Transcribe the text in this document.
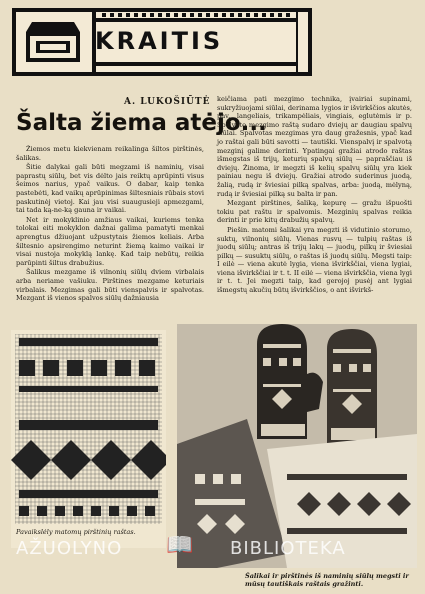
KRAITIS
A. LUKOŠIŪTĖ
Šalta žiema atėjo...

Žiemos metu kiekvienam reikalinga šiltos pirštinės, šalikas.

Šitie dalykai gali būti megzami iš naminių, visai paprastų siūlų, bet vis dėlto jais reiktų aprūpinti visus šeimos narius, ypač vaikus. O dabar, kaip tenka pastebėti, kad vaikų aprūpinimas šiltesniais rūbais stovi paskutinėj vietoj. Kai jau visi suaugusieji apmezgami, tai tada ką-ne-ką gauna ir vaikai.

Net ir mokyklinio amžiaus vaikai, kuriems tenka tolokai eiti mokyklon dažnai galima pamatyti menkai aprengtus džiuojant užpustytais žiemos keliais. Arba šiltesnio apsirengimo neturint žiemą kaimo vaikai ir visai nustoja mokyklą lankę. Kad taip nebūtų, reikia parūpinti šiltus drabužius.

Šalikus mezgame iš vilnonių siūlų dviem virbalais arba neriame vašiuku. Pirštines mezgame keturiais virbalais. Mezgimas gali būti vienspalvis ir spalvotas. Mezgant iš vienos spalvos siūlų dažniausia

keičiama pati mezgimo technika, įvairiai supinami, sukryžiuojami siūlai, derinama lygios ir išvirkščios akutės, pav., langeliais, trikampėliais, vingiais, eglutėmis ir p. Spalvoto mezgimo raštą sudaro dviejų ar daugiau spalvų siūlai. Spalvotas mezgimas yra daug gražesnis, ypač kad jo raštai gali būti savotti — tautiški. Vienspalvį ir spalvotą mezginį galime derinti. Ypatingai gražiai atrodo raštas išmegstas iš trijų, keturių spalvų siūlų — papraščiau iš dviejų. Žinoma, ir megzti iš kelių spalvų siūlų yra kiek painiau negu iš dviejų. Gražiai atrodo suderinus juodą, žalią, rudą ir šviesiai pilką spalvas, arba: juodą, mėlyną, rudą ir šviesiai pilką su balta ir pan.

Mezgant pirštines, šaliką, kepurę — gražu išpuošti tokiu pat raštu ir spalvomis. Mezginių spalvas reikia derinti ir prie kitų drabužių spalvų.

Piešin. matomi šalikai yra megzti iš vidutinio storumo, suktų, vilnonių siūlų. Vienas rusvų — tulpių raštas iš juodų siūlų; antras iš trijų lakų — juodų, pilkų ir šviesiai pilkų — susuktų siūlų, o raštas iš juodų siūlų. Megsti taip: I eilė — viena akutė lygia, viena išvirkščiai, viena lygiai, viena išvirkščiai ir t. t. II eilė — viena išvirkščia, viena lygi ir t. t. Jei megzti taip, kad gerojoj pusėj ant lygiai išmegstų akučių būtų išvirkščios, o ant išvirkš-

Pavaikslėly matomų pirštinių raštas.
Šalikai ir pirštinės iš naminių siūlų megsti ir mūsų tautiškais raštais gražinti.
AŽUOLYNO 📖 BIBLIOTEKA
